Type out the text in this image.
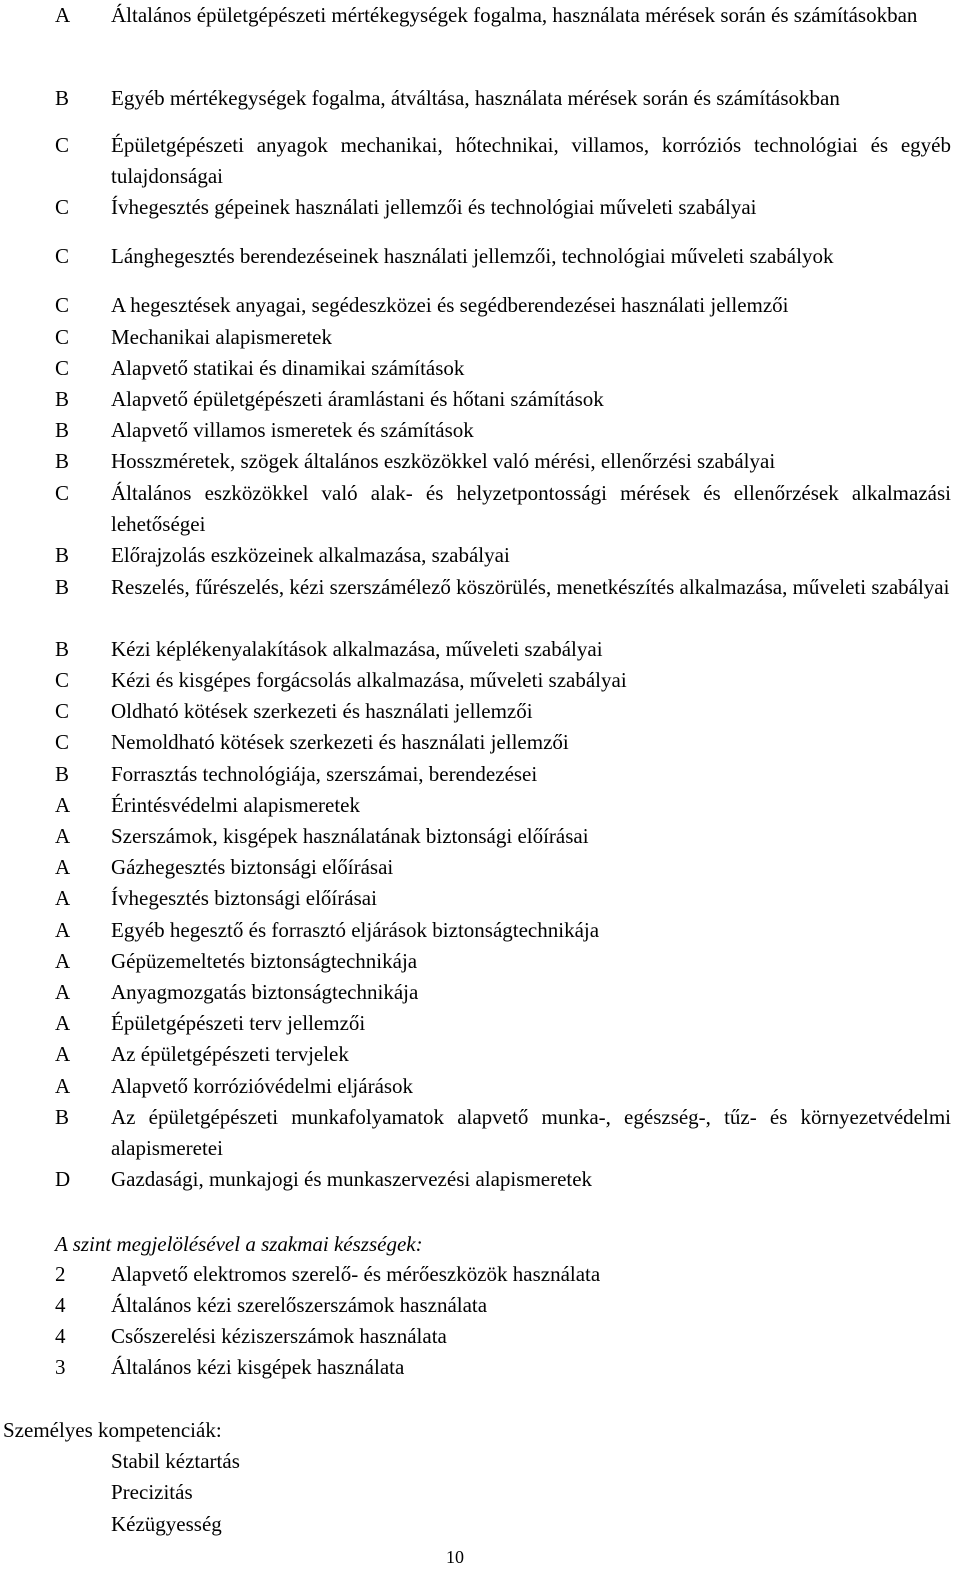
A	Általános épületgépészeti mértékegységek fogalma, használata mérések során és számításokban
B	Egyéb mértékegységek fogalma, átváltása, használata mérések során és számításokban
C	Épületgépészeti anyagok mechanikai, hőtechnikai, villamos, korróziós technológiai és egyéb tulajdonságai
C	Ívhegesztés gépeinek használati jellemzői és technológiai műveleti szabályai
C	Lánghegesztés berendezéseinek használati jellemzői, technológiai műveleti szabályok
C	A hegesztések anyagai, segédeszközei és segédberendezései használati jellemzői
C	Mechanikai alapismeretek
C	Alapvető statikai és dinamikai számítások
B	Alapvető épületgépészeti áramlástani és hőtani számítások
B	Alapvető villamos ismeretek és számítások
B	Hosszméretek, szögek általános eszközökkel való mérési, ellenőrzési szabályai
C	Általános eszközökkel való alak- és helyzetpontossági mérések és ellenőrzések alkalmazási lehetőségei
B	Előrajzolás eszközeinek alkalmazása, szabályai
B	Reszelés, fűrészelés, kézi szerszámélező köszörülés, menetkészítés alkalmazása, műveleti szabályai
B	Kézi képlékenyalakítások alkalmazása, műveleti szabályai
C	Kézi és kisgépes forgácsolás alkalmazása, műveleti szabályai
C	Oldható kötések szerkezeti és használati jellemzői
C	Nemoldható kötések szerkezeti és használati jellemzői
B	Forrasztás technológiája, szerszámai, berendezései
A	Érintésvédelmi alapismeretek
A	Szerszámok, kisgépek használatának biztonsági előírásai
A	Gázhegesztés biztonsági előírásai
A	Ívhegesztés biztonsági előírásai
A	Egyéb hegesztő és forrasztó eljárások biztonságtechnikája
A	Gépüzemeltetés biztonságtechnikája
A	Anyagmozgatás biztonságtechnikája
A	Épületgépészeti terv jellemzői
A	Az épületgépészeti tervjelek
A	Alapvető korrózióvédelmi eljárások
B	Az épületgépészeti munkafolyamatok alapvető munka-, egészség-, tűz- és környezetvédelmi alapismeretei
D	Gazdasági, munkajogi és munkaszervezési alapismeretek
A szint megjelölésével a szakmai készségek:
2	Alapvető elektromos szerelő- és mérőeszközök használata
4	Általános kézi szerelőszerszámok használata
4	Csőszerelési kéziszerszámok használata
3	Általános kézi kisgépek használata
Személyes kompetenciák:
Stabil kéztartás
Precizitás
Kézügyesség
10
